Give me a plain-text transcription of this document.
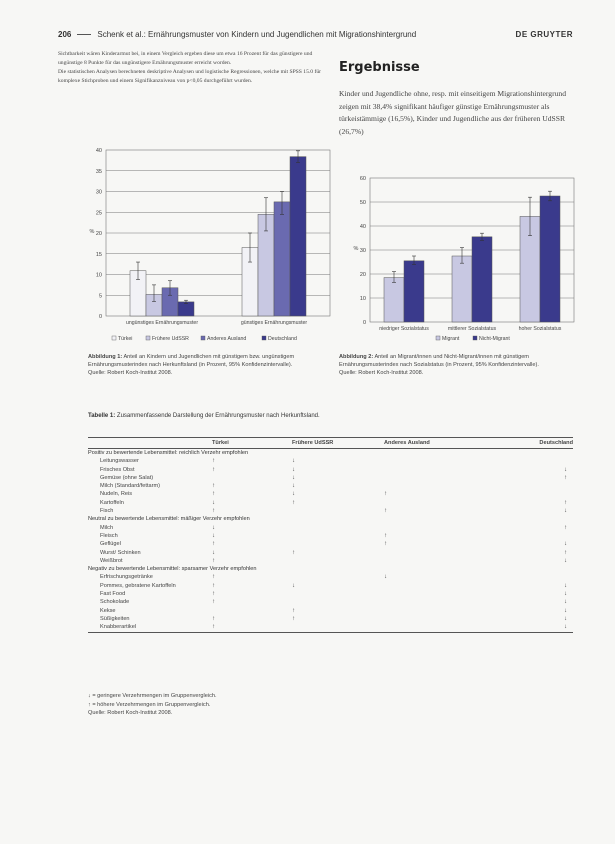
206	Schenk et al.: Ernährungsmuster von Kindern und Jugendlichen mit Migrationshintergrund	DE GRUYTER

Sichtbarkeit wären Kinderarmut bei, in einem Vergleich ergeben diese um etwa 16 Prozent für das günstigere und ungünstige 8 Punkte für das ungünstigere Ernährungsmuster erreicht worden.

Die statistischen Analysen berechneten deskriptive Analysen und logistische Regressionen, welche mit SPSS 15.0 für komplexe Stichproben und einem Signifikanzniveau von p<0,05 durchgeführt wurden.

Ergebnisse

Kinder und Jugendliche ohne, resp. mit einseitigem Migrationshintergrund zeigen mit 38,4% signifikant häufiger günstige Ernährungsmuster als türkeistämmige (16,5%), Kinder und Jugendliche aus der früheren UdSSR (26,7%)

0
5
10
15
20
25
30
35
40
%
ungünstiges Ernährungsmuster	günstiges Ernährungsmuster
Türkei	Frühere UdSSR	Anderes Ausland	Deutschland
0
10
20
30
40
50
60
%
niedriger Sozialstatus	mittlerer Sozialstatus	hoher Sozialstatus
Migrant	Nicht-Migrant
Abbildung 1: Anteil an Kindern und Jugendlichen mit günstigem bzw. ungünstigem Ernährungsmusterindex nach Herkunftsland (in Prozent, 95% Konfidenzintervalle).
Quelle: Robert Koch-Institut 2008.
Abbildung 2: Anteil an Migrant/innen und Nicht-Migrant/innen mit günstigem Ernährungsmusterindex nach Sozialstatus (in Prozent, 95% Konfidenzintervalle).
Quelle: Robert Koch-Institut 2008.
Tabelle 1: Zusammenfassende Darstellung der Ernährungsmuster nach Herkunftsland.
	Türkei	Frühere UdSSR	Anderes Ausland	Deutschland
Positiv zu bewertende Lebensmittel: reichlich Verzehr empfohlen				
Leitungswasser	↑	↓		
Frisches Obst	↑	↓		↓
Gemüse (ohne Salat)		↓		↑
Milch (Standard/fettarm)	↑	↓		
Nudeln, Reis	↑	↓	↑	
Kartoffeln	↓	↑		↑
Fisch	↑		↑	↓
Neutral zu bewertende Lebensmittel: mäßiger Verzehr empfohlen				
Milch	↓			↑
Fleisch	↓		↑	
Geflügel	↑		↑	↓
Wurst/ Schinken	↓	↑		↑
Weißbrot	↑			↓
Negativ zu bewertende Lebensmittel: sparsamer Verzehr empfohlen				
Erfrischungsgetränke	↑		↓	
Pommes, gebratene Kartoffeln	↑	↓		↓
Fast Food	↑			↓
Schokolade	↑			↓
Kekse		↑		↓
Süßigkeiten	↑	↑		↓
Knabberartikel	↑			↓
↓ = geringere Verzehrmengen im Gruppenvergleich.
↑ = höhere Verzehrmengen im Gruppenvergleich.
Quelle: Robert Koch-Institut 2008.
